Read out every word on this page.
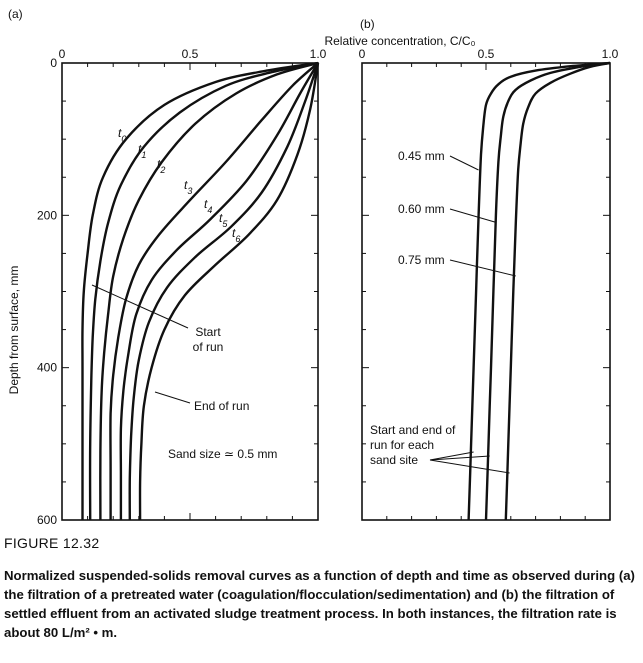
(a)
(b)
Relative concentration, C/C₀
Depth from surface, mm
0	0.5	1.0
0
200
400
600
0	0.5	1.0
$t_0$
$t_1$
$t_2$
$t_3$
$t_4$
$t_5$
$t_6$
Start
of run
End of run
Sand size ≃ 0.5 mm
0.45 mm
0.60 mm
0.75 mm
Start and end of
run for each
sand site
FIGURE 12.32
Normalized suspended-solids removal curves as a function of depth and time as observed during (a) the filtration of a pretreated water (coagulation/flocculation/sedimentation) and (b) the filtration of settled effluent from an activated sludge treatment process. In both instances, the filtration rate is about 80 L/m² • m.
